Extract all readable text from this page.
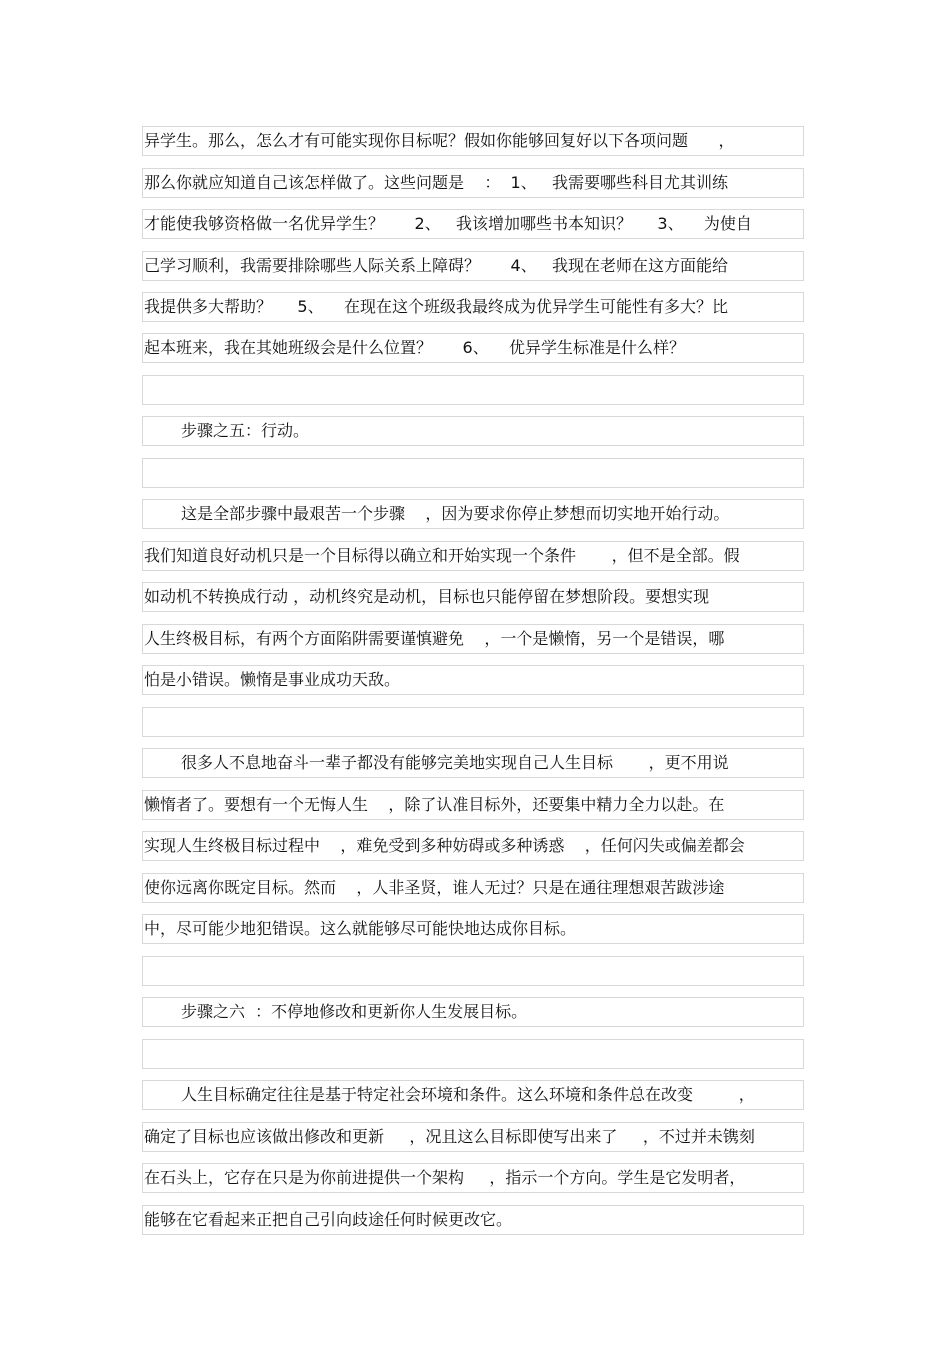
异学生。那么，怎么才有可能实现你目标呢？假如你能够回复好以下各项问题      ，
那么你就应知道自己该怎样做了。这些问题是    ：  1、   我需要哪些科目尤其训练
才能使我够资格做一名优异学生？      2、   我该增加哪些书本知识？     3、    为使自
己学习顺利，我需要排除哪些人际关系上障碍？      4、   我现在老师在这方面能给
我提供多大帮助？     5、    在现在这个班级我最终成为优异学生可能性有多大？比
起本班来，我在其她班级会是什么位置？      6、    优异学生标准是什么样？
步骤之五：行动。
这是全部步骤中最艰苦一个步骤    ，因为要求你停止梦想而切实地开始行动。
我们知道良好动机只是一个目标得以确立和开始实现一个条件       ，但不是全部。假
如动机不转换成行动 ，动机终究是动机，目标也只能停留在梦想阶段。要想实现
人生终极目标，有两个方面陷阱需要谨慎避免    ，一个是懒惰，另一个是错误，哪
怕是小错误。懒惰是事业成功天敌。
很多人不息地奋斗一辈子都没有能够完美地实现自己人生目标       ，更不用说
懒惰者了。要想有一个无悔人生    ，除了认准目标外，还要集中精力全力以赴。在
实现人生终极目标过程中    ，难免受到多种妨碍或多种诱惑    ，任何闪失或偏差都会
使你远离你既定目标。然而    ，人非圣贤，谁人无过？只是在通往理想艰苦跋涉途
中，尽可能少地犯错误。这么就能够尽可能快地达成你目标。
步骤之六  ：不停地修改和更新你人生发展目标。
人生目标确定往往是基于特定社会环境和条件。这么环境和条件总在改变         ，
确定了目标也应该做出修改和更新     ，况且这么目标即使写出来了     ，不过并未镌刻
在石头上，它存在只是为你前进提供一个架构     ，指示一个方向。学生是它发明者，
能够在它看起来正把自己引向歧途任何时候更改它。
